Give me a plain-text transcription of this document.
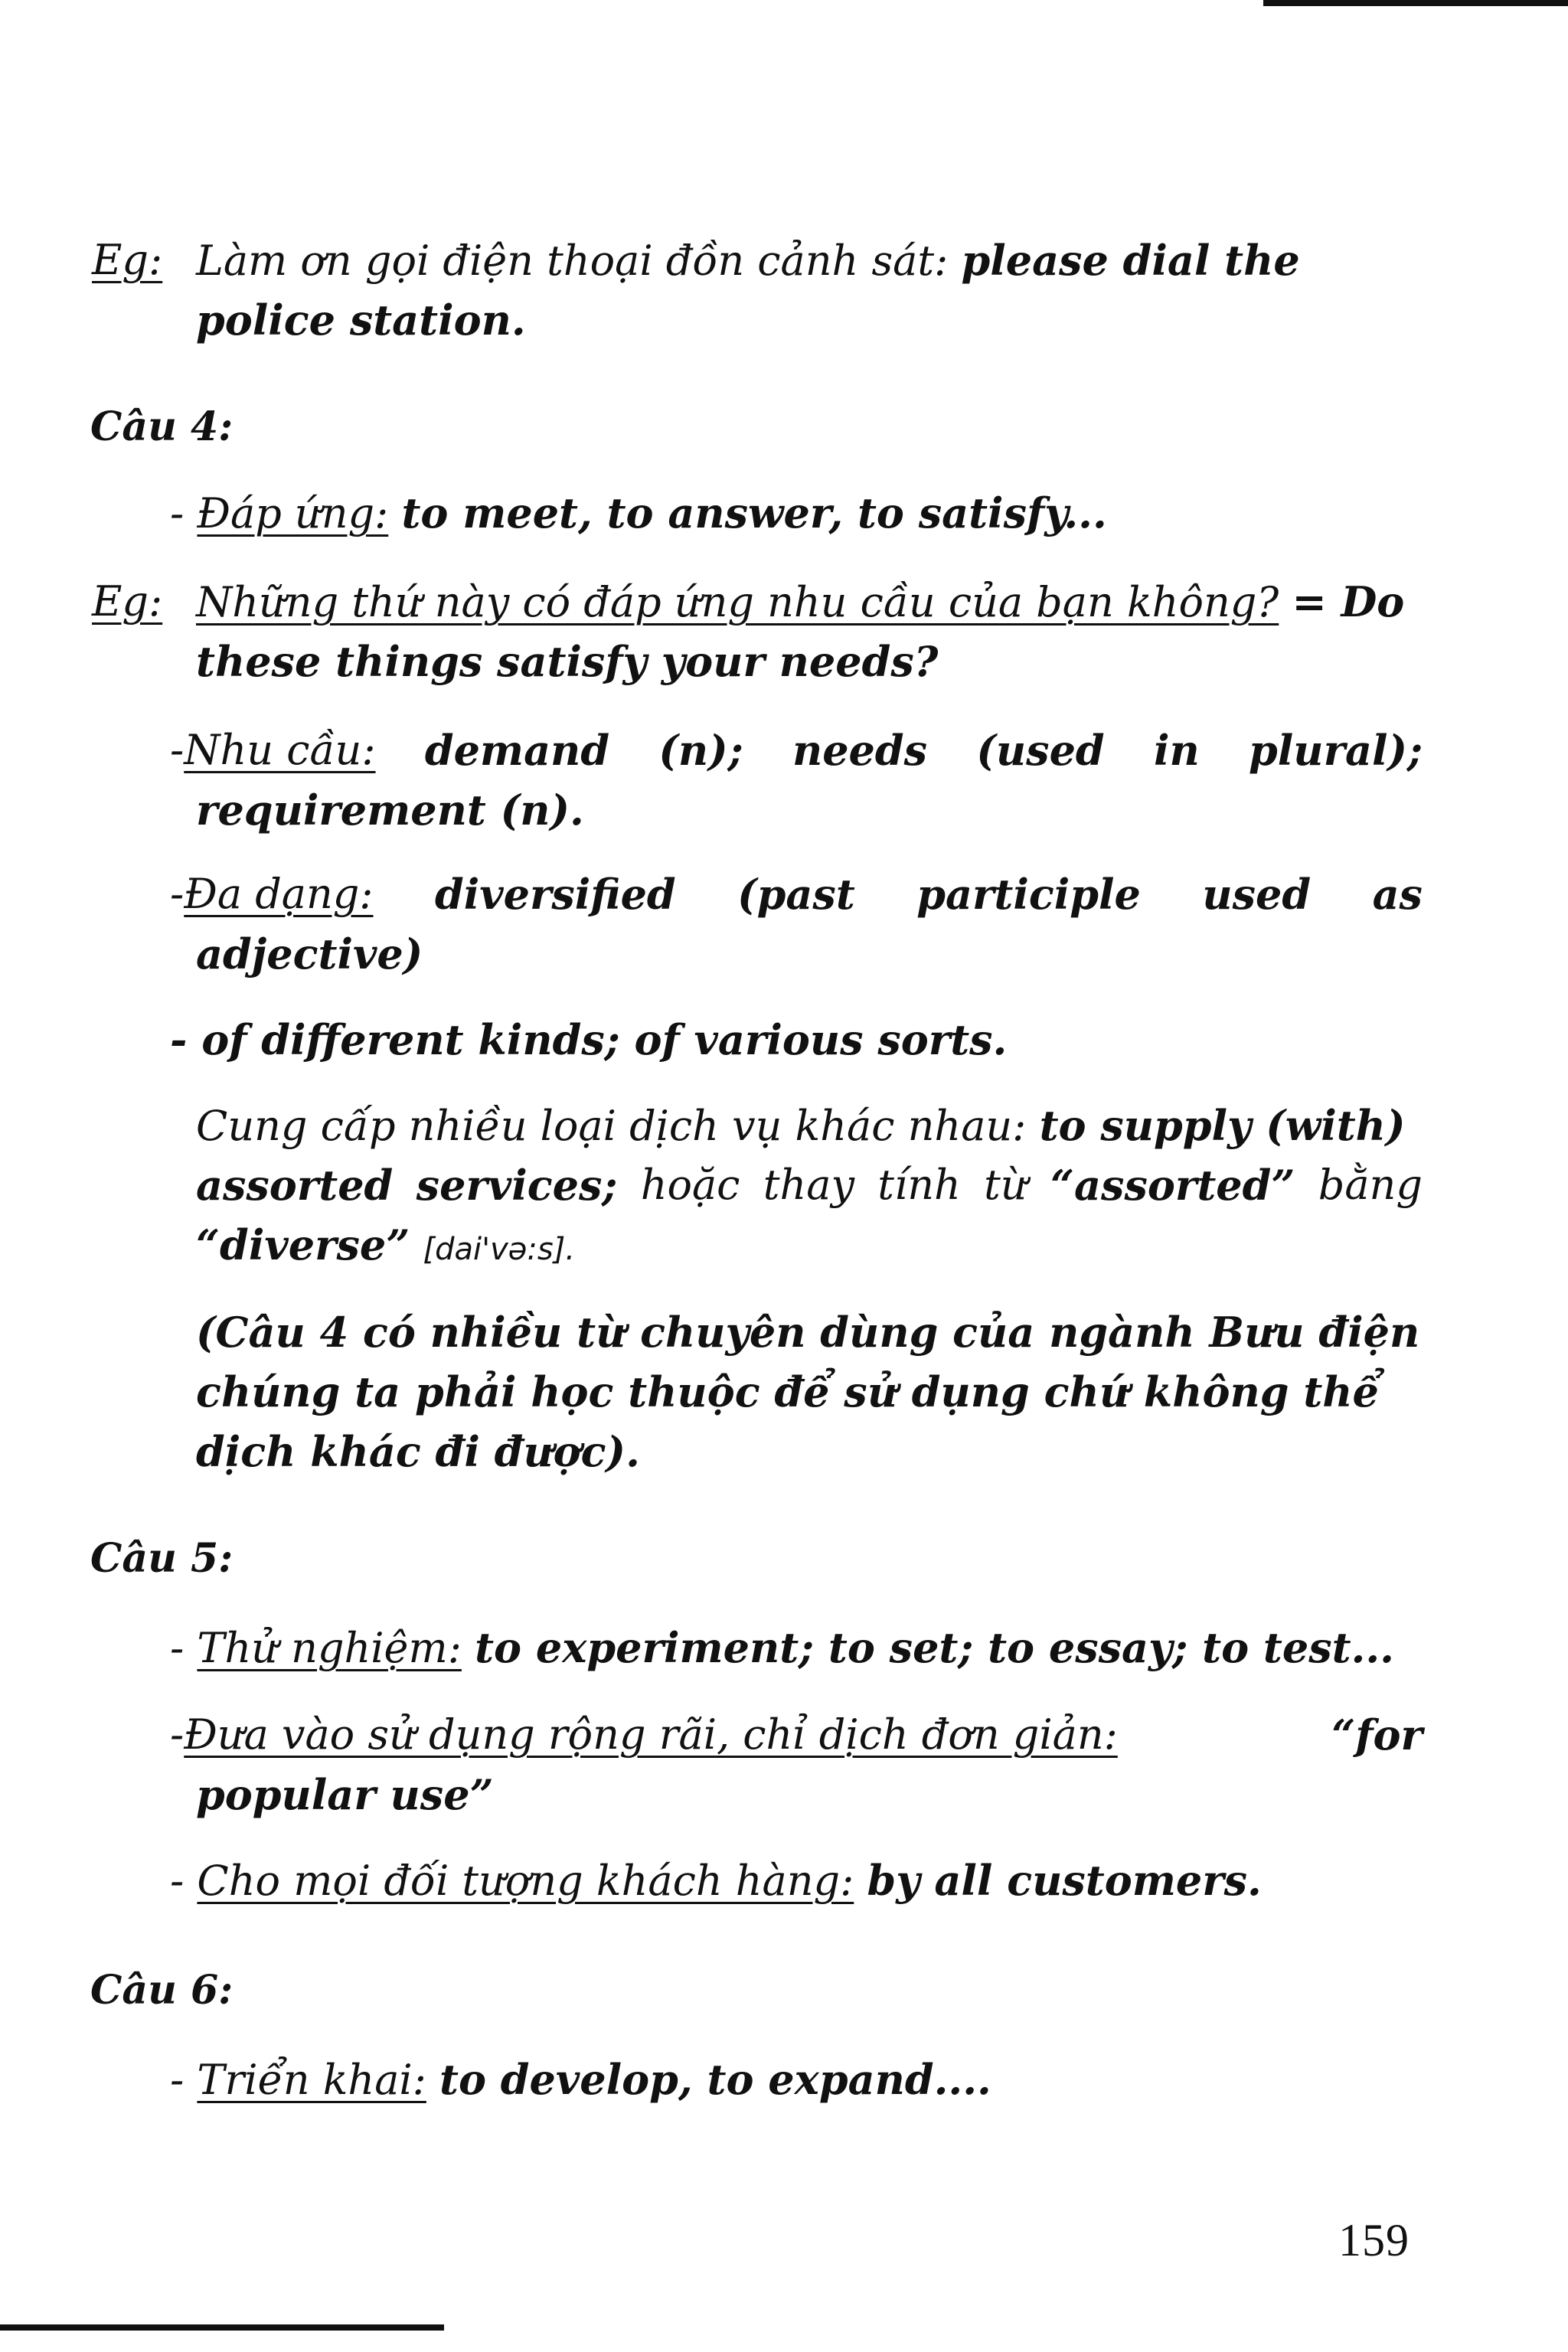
Eg: Làm ơn gọi điện thoại đồn cảnh sát: please dial the
police station.
Câu 4:
- Đáp ứng: to meet, to answer, to satisfy...
Eg: Những thứ này có đáp ứng nhu cầu của bạn không? = Do
these things satisfy your needs?
-Nhu cầu: demand (n); needs (used in plural);
requirement (n).
-Đa dạng: diversified (past participle used as
adjective)
- of different kinds; of various sorts.
Cung cấp nhiều loại dịch vụ khác nhau: to supply (with)
assorted services; hoặc thay tính từ “assorted” bằng
“diverse” [dai'və:s].
(Câu 4 có nhiều từ chuyên dùng của ngành Bưu điện
chúng ta phải học thuộc để sử dụng chứ không thể
dịch khác đi được).
Câu 5:
- Thử nghiệm: to experiment; to set; to essay; to test...
-Đưa vào sử dụng rộng rãi, chỉ dịch đơn giản:	“for
popular use”
- Cho mọi đối tượng khách hàng: by all customers.
Câu 6:
- Triển khai: to develop, to expand....
159
